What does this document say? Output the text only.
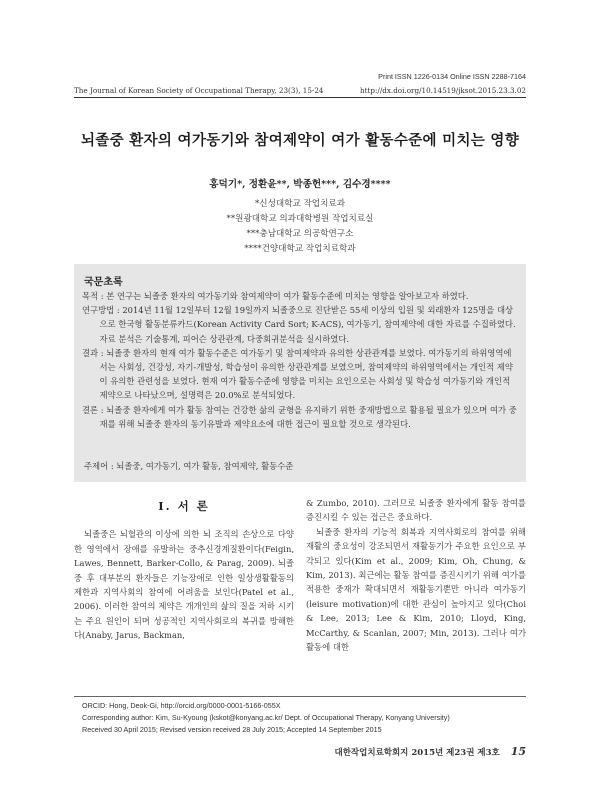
Print ISSN 1226-0134 Online ISSN 2288-7164
The Journal of Korean Society of Occupational Therapy, 23(3), 15-24	http://dx.doi.org/10.14519/jksot.2015.23.3.02
뇌졸중 환자의 여가동기와 참여제약이 여가 활동수준에 미치는 영향
홍덕기*, 정환윤**, 박종헌***, 김수경****
*신성대학교 작업치료과
**원광대학교 의과대학병원 작업치료실
***충남대학교 의공학연구소
****건양대학교 작업치료학과
국문초록

목적 : 본 연구는 뇌졸중 환자의 여가동기와 참여제약이 여가 활동수준에 미치는 영향을 알아보고자 하였다.

연구방법 : 2014년 11월 12일부터 12월 19일까지 뇌졸중으로 진단받은 55세 이상의 입원 및 외래환자 125명을 대상으로 한국형 활동분류카드(Korean Activity Card Sort; K-ACS), 여가동기, 참여제약에 대한 자료를 수집하였다. 자료 분석은 기술통계, 피어슨 상관관계, 다중회귀분석을 실시하였다.

결과 : 뇌졸중 환자의 현재 여가 활동수준은 여가동기 및 참여제약과 유의한 상관관계를 보였다. 여가동기의 하위영역에서는 사회성, 건강성, 자기-개발성, 학습성이 유의한 상관관계를 보였으며, 참여제약의 하위영역에서는 개인적 제약이 유의한 관련성을 보였다. 현재 여가 활동수준에 영향을 미치는 요인으로는 사회성 및 학습성 여가동기와 개인적 제약으로 나타났으며, 설명력은 20.0%로 분석되었다.

결론 : 뇌졸중 환자에게 여가 활동 참여는 건강한 삶의 균형을 유지하기 위한 중재방법으로 활용될 필요가 있으며 여가 중재를 위해 뇌졸중 환자의 동기유발과 제약요소에 대한 접근이 필요할 것으로 생각된다.

주제어 : 뇌졸중, 여가동기, 여가 활동, 참여제약, 활동수준

Ⅰ. 서 론

뇌졸중은 뇌혈관의 이상에 의한 뇌 조직의 손상으로 다양한 영역에서 장애를 유발하는 중추신경계질환이다(Feigin, Lawes, Bennett, Barker-Collo, & Parag, 2009). 뇌졸중 후 대부분의 환자들은 기능장애로 인한 일상생활활동의 제한과 지역사회의 참여에 어려움을 보인다(Patel et al., 2006). 이러한 참여의 제약은 개개인의 삶의 질을 저하 시키는 주요 원인이 되며 성공적인 지역사회로의 복귀를 방해한다(Anaby, Jarus, Backman,

& Zumbo, 2010). 그러므로 뇌졸중 환자에게 활동 참여를 증진시킬 수 있는 접근은 중요하다.

뇌졸중 환자의 기능적 회복과 지역사회로의 참여를 위해 재활의 중요성이 강조되면서 재활동기가 주요한 요인으로 부각되고 있다(Kim et al., 2009; Kim, Oh, Chung, & Kim, 2013). 최근에는 활동 참여를 증진시키기 위해 여가를 적용한 중재가 확대되면서 재활동기뿐만 아니라 여가동기(leisure motivation)에 대한 관심이 높아지고 있다(Choi & Lee, 2013; Lee & Kim, 2010; Lloyd, King, McCarthy, & Scanlan, 2007; Min, 2013). 그러나 여가 활동에 대한

ORCID: Hong, Deok-Gi, http://orcid.org/0000-0001-5166-055X
Corresponding author: Kim, Su-Kyoung (kskot@konyang.ac.kr/ Dept. of Occupational Therapy, Konyang University)
Received 30 April 2015; Revised version received 28 July 2015; Accepted 14 September 2015
대한작업치료학회지 2015년 제23권 제3호 15
